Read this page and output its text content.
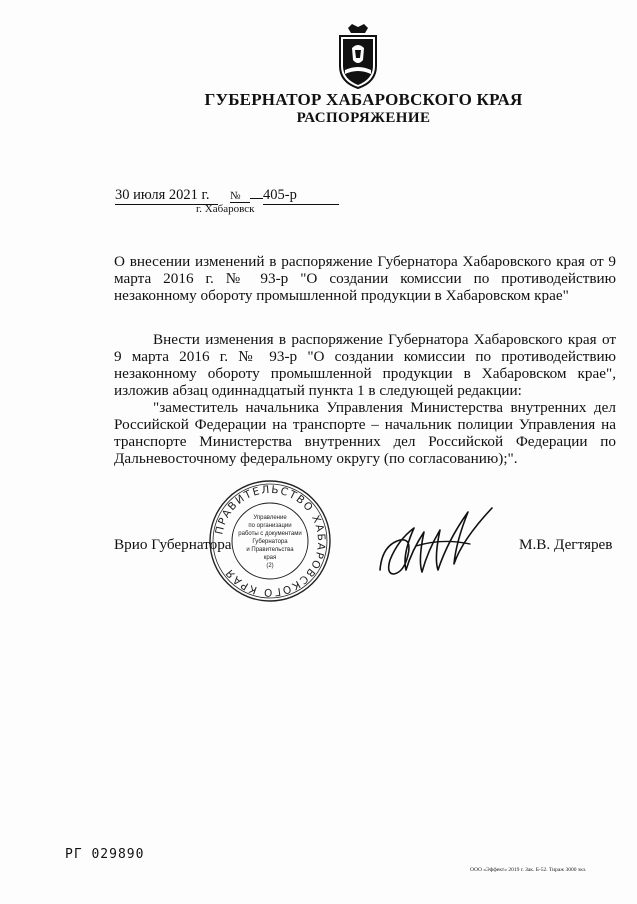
ГУБЕРНАТОР ХАБАРОВСКОГО КРАЯ
РАСПОРЯЖЕНИЕ
30 июля 2021 г. № 405-р
г. Хабаровск
О внесении изменений в распоряжение Губернатора Хабаровского края от 9 марта 2016 г. № 93-р "О создании комиссии по противодействию незаконному обороту промышленной продукции в Хабаровском крае"

Внести изменения в распоряжение Губернатора Хабаровского края от 9 марта 2016 г. № 93-р "О создании комиссии по противодействию незаконному обороту промышленной продукции в Хабаровском крае", изложив абзац одиннадцатый пункта 1 в следующей редакции:

"заместитель начальника Управления Министерства внутренних дел Российской Федерации на транспорте – начальник полиции Управления на транспорте Министерства внутренних дел Российской Федерации по Дальневосточному федеральному округу (по согласованию);".

Врио Губернатора	М.В. Дегтярев
ПРАВИТЕЛЬСТВО ХАБАРОВСКОГО КРАЯ
Управление
по организации
работы с документами
Губернатора
и Правительства
края
(2)
РГ 029890
ООО «Эффект» 2019 г. Зак. Б-52. Тираж 3000 экз.
